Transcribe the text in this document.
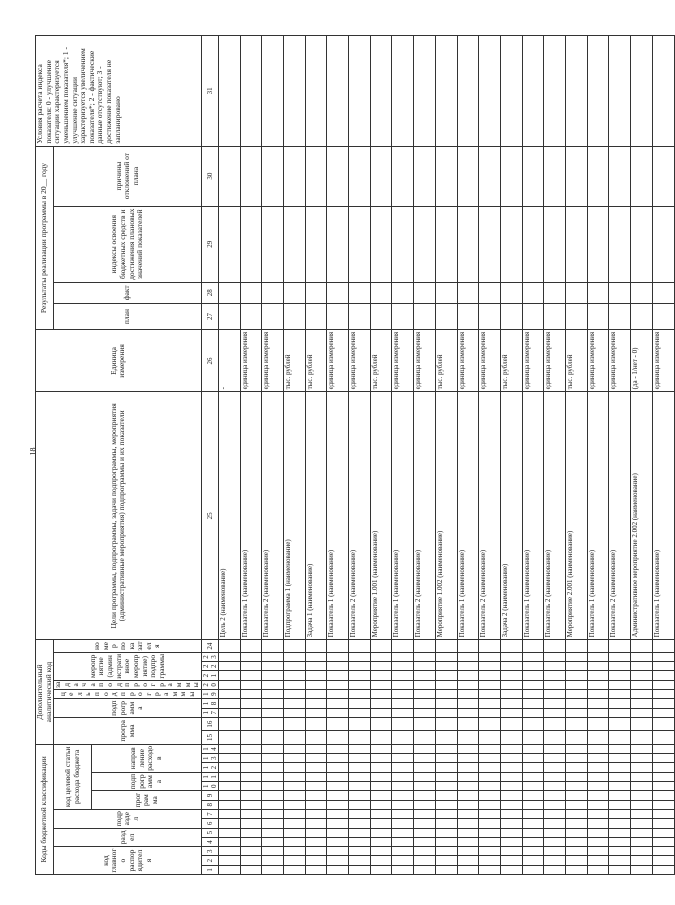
18
Коды бюджетной классификации														Дополнительный аналитический код										Цели программы, подпрограммы, задачи подпрограммы, мероприятия (административные мероприятия) подпрограммы и их показатели	Единица измерения	Результаты реализации программы в 20__ году				Условия расчета индекса показателя: 0 - улучшение ситуации характеризуется уменьшением показателя*; 1 - улучшение ситуации характеризуется увеличением показателя*; 2 - фактические данные отсутствуют; 3 - достижение показателя не запланировано
код главного распорядителя			раздел		подраздел		код целевой статьи расхода бюджета							программа		подпрограмма		цель подпрограммы	задача подпрограммы	мероприятие (административное мероприятие) подпрограммы			номер показателя			план	факт	индексы освоения бюджетных средств и достижения плановых значений показателей	причины отклонений от плана	
							программа		подпрограмма		направление расходов																			
1	2	3	4	5	6	7	8	9	10	11	12	13	14	15	16	17	18	19	20	21	22	23	24	25	26	27	28	29	30	31
																								Цель 2 (наименование)	-					
																								Показатель 1 (наименование)	единица измерения					
																								Показатель 2 (наименование)	единица измерения					
																								Подпрограмма 1 (наименование)	тыс. рублей					
																								Задача 1 (наименование)	тыс. рублей					
																								Показатель 1 (наименование)	единица измерения					
																								Показатель 2 (наименование)	единица измерения					
																								Мероприятие 1.001 (наименование)	тыс. рублей					
																								Показатель 1 (наименование)	единица измерения					
																								Показатель 2 (наименование)	единица измерения					
																								Мероприятие 1.002 (наименование)	тыс. рублей					
																								Показатель 1 (наименование)	единица измерения					
																								Показатель 2 (наименование)	единица измерения					
																								Задача 2 (наименование)	тыс. рублей					
																								Показатель 1 (наименование)	единица измерения					
																								Показатель 2 (наименование)	единица измерения					
																								Мероприятие 2.001 (наименование)	тыс. рублей					
																								Показатель 1 (наименование)	единица измерения					
																								Показатель 2 (наименование)	единица измерения					
																								Административное мероприятие 2.002 (наименование)	(да - 1/нет - 0)					
																								Показатель 1 (наименование)	единица измерения					
